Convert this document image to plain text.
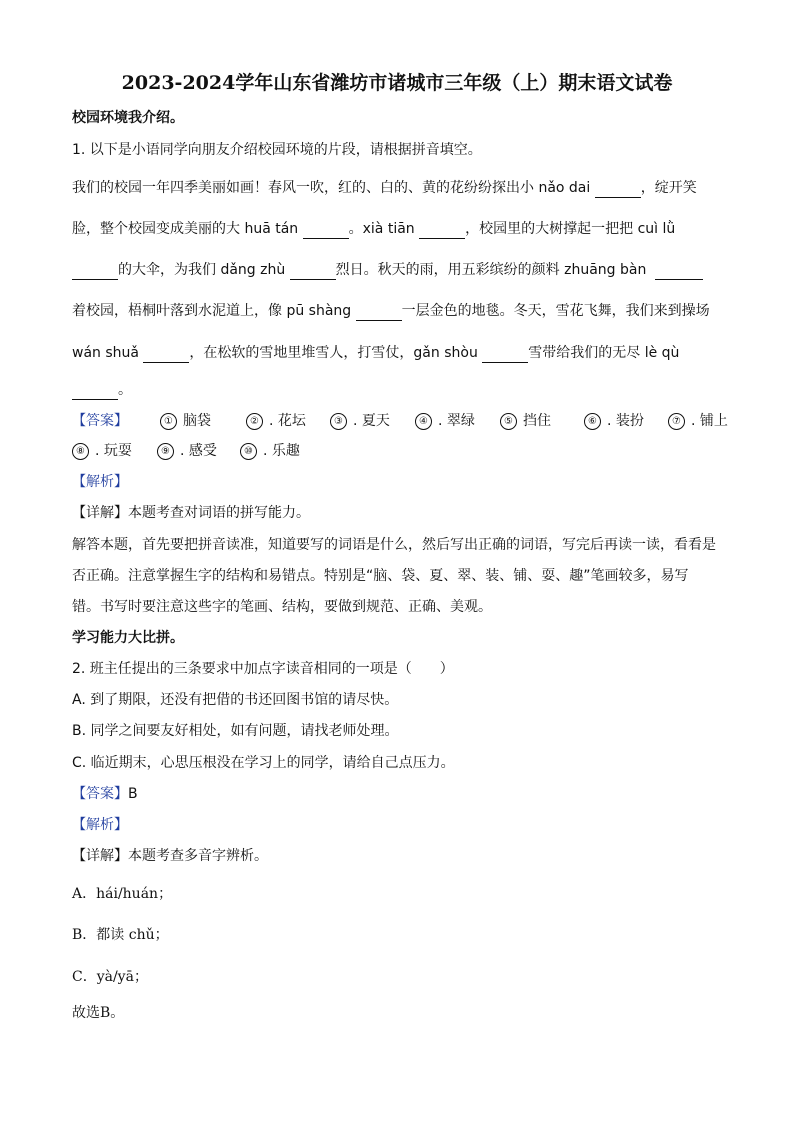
2023-2024学年山东省潍坊市诸城市三年级（上）期末语文试卷
校园环境我介绍。
1. 以下是小语同学向朋友介绍校园环境的片段，请根据拼音填空。
我们的校园一年四季美丽如画！春风一吹，红的、白的、黄的花纷纷探出小 nǎo dai	，绽开笑
脸，整个校园变成美丽的大 huā tán	。xià tiān	，校园里的大树撑起一把把 cuì lǜ
的大伞，为我们 dǎng zhù	烈日。秋天的雨，用五彩缤纷的颜料 zhuāng bàn
着校园，梧桐叶落到水泥道上，像 pū shàng	一层金色的地毯。冬天，雪花飞舞，我们来到操场
wán shuǎ	，在松软的雪地里堆雪人，打雪仗，gǎn shòu	雪带给我们的无尽 lè qù
。
【答案】	① 脑袋	② . 花坛	③ . 夏天	④ . 翠绿	⑤ 挡住	⑥ . 装扮	⑦ . 铺上
⑧ . 玩耍	⑨ . 感受	⑩ . 乐趣
【解析】
【详解】本题考查对词语的拼写能力。
解答本题，首先要把拼音读准，知道要写的词语是什么，然后写出正确的词语，写完后再读一读，看看是
否正确。注意掌握生字的结构和易错点。特别是“脑、袋、夏、翠、装、铺、耍、趣”笔画较多，易写
错。书写时要注意这些字的笔画、结构，要做到规范、正确、美观。
学习能力大比拼。
2. 班主任提出的三条要求中加点字读音相同的一项是（　　）
A. 到了期限，还没有把借的书还回图书馆的请尽快。
B. 同学之间要友好相处，如有问题，请找老师处理。
C. 临近期末，心思压根没在学习上的同学，请给自己点压力。
【答案】B
【解析】
【详解】本题考查多音字辨析。
A．hái/huán；
B．都读 chǔ；
C．yà/yā；
故选B。
